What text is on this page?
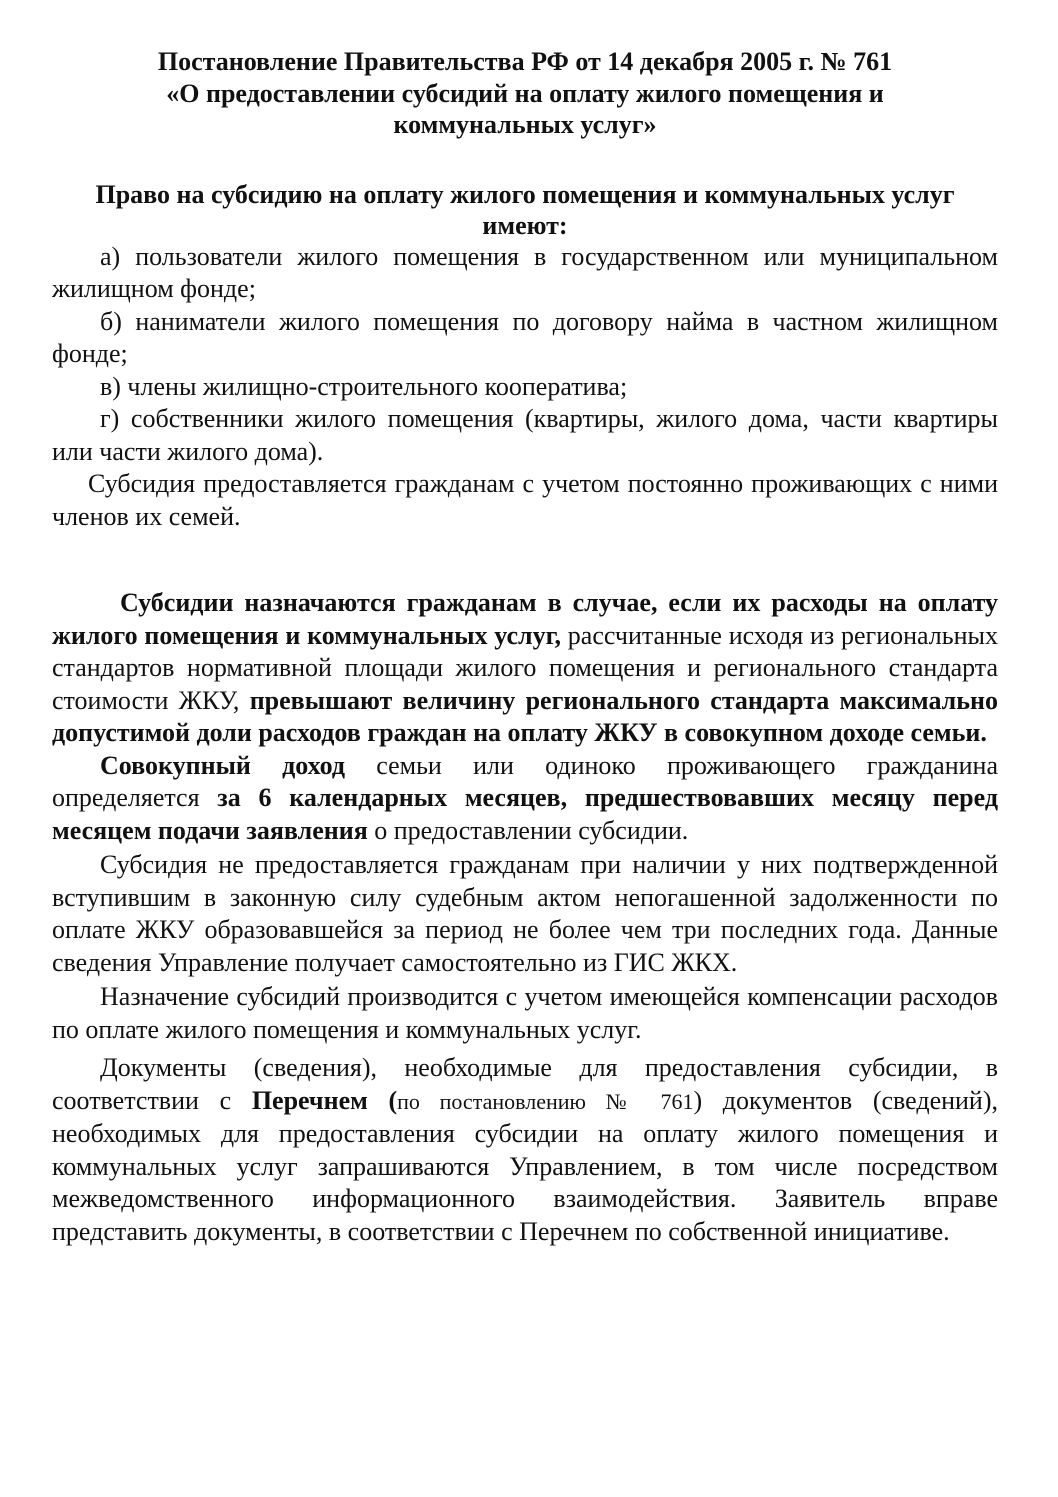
Постановление Правительства РФ от 14 декабря 2005 г. № 761
«О предоставлении субсидий на оплату жилого помещения и
коммунальных услуг»
Право на субсидию на оплату жилого помещения и коммунальных услуг имеют:

а) пользователи жилого помещения в государственном или муниципальном жилищном фонде;

б) наниматели жилого помещения по договору найма в частном жилищном фонде;

в) члены жилищно-строительного кооператива;

г) собственники жилого помещения (квартиры, жилого дома, части квартиры или части жилого дома).

Субсидия предоставляется гражданам с учетом постоянно проживающих с ними членов их семей.

Субсидии назначаются гражданам в случае, если их расходы на оплату жилого помещения и коммунальных услуг, рассчитанные исходя из региональных стандартов нормативной площади жилого помещения и регионального стандарта стоимости ЖКУ, превышают величину регионального стандарта максимально допустимой доли расходов граждан на оплату ЖКУ в совокупном доходе семьи.

Совокупный доход семьи или одиноко проживающего гражданина определяется за 6 календарных месяцев, предшествовавших месяцу перед месяцем подачи заявления о предоставлении субсидии.

Субсидия не предоставляется гражданам при наличии у них подтвержденной вступившим в законную силу судебным актом непогашенной задолженности по оплате ЖКУ образовавшейся за период не более чем три последних года. Данные сведения Управление получает самостоятельно из ГИС ЖКХ.

Назначение субсидий производится с учетом имеющейся компенсации расходов по оплате жилого помещения и коммунальных услуг.

Документы (сведения), необходимые для предоставления субсидии, в соответствии с Перечнем (по постановлению № 761) документов (сведений), необходимых для предоставления субсидии на оплату жилого помещения и коммунальных услуг запрашиваются Управлением, в том числе посредством межведомственного информационного взаимодействия. Заявитель вправе представить документы, в соответствии с Перечнем по собственной инициативе.
